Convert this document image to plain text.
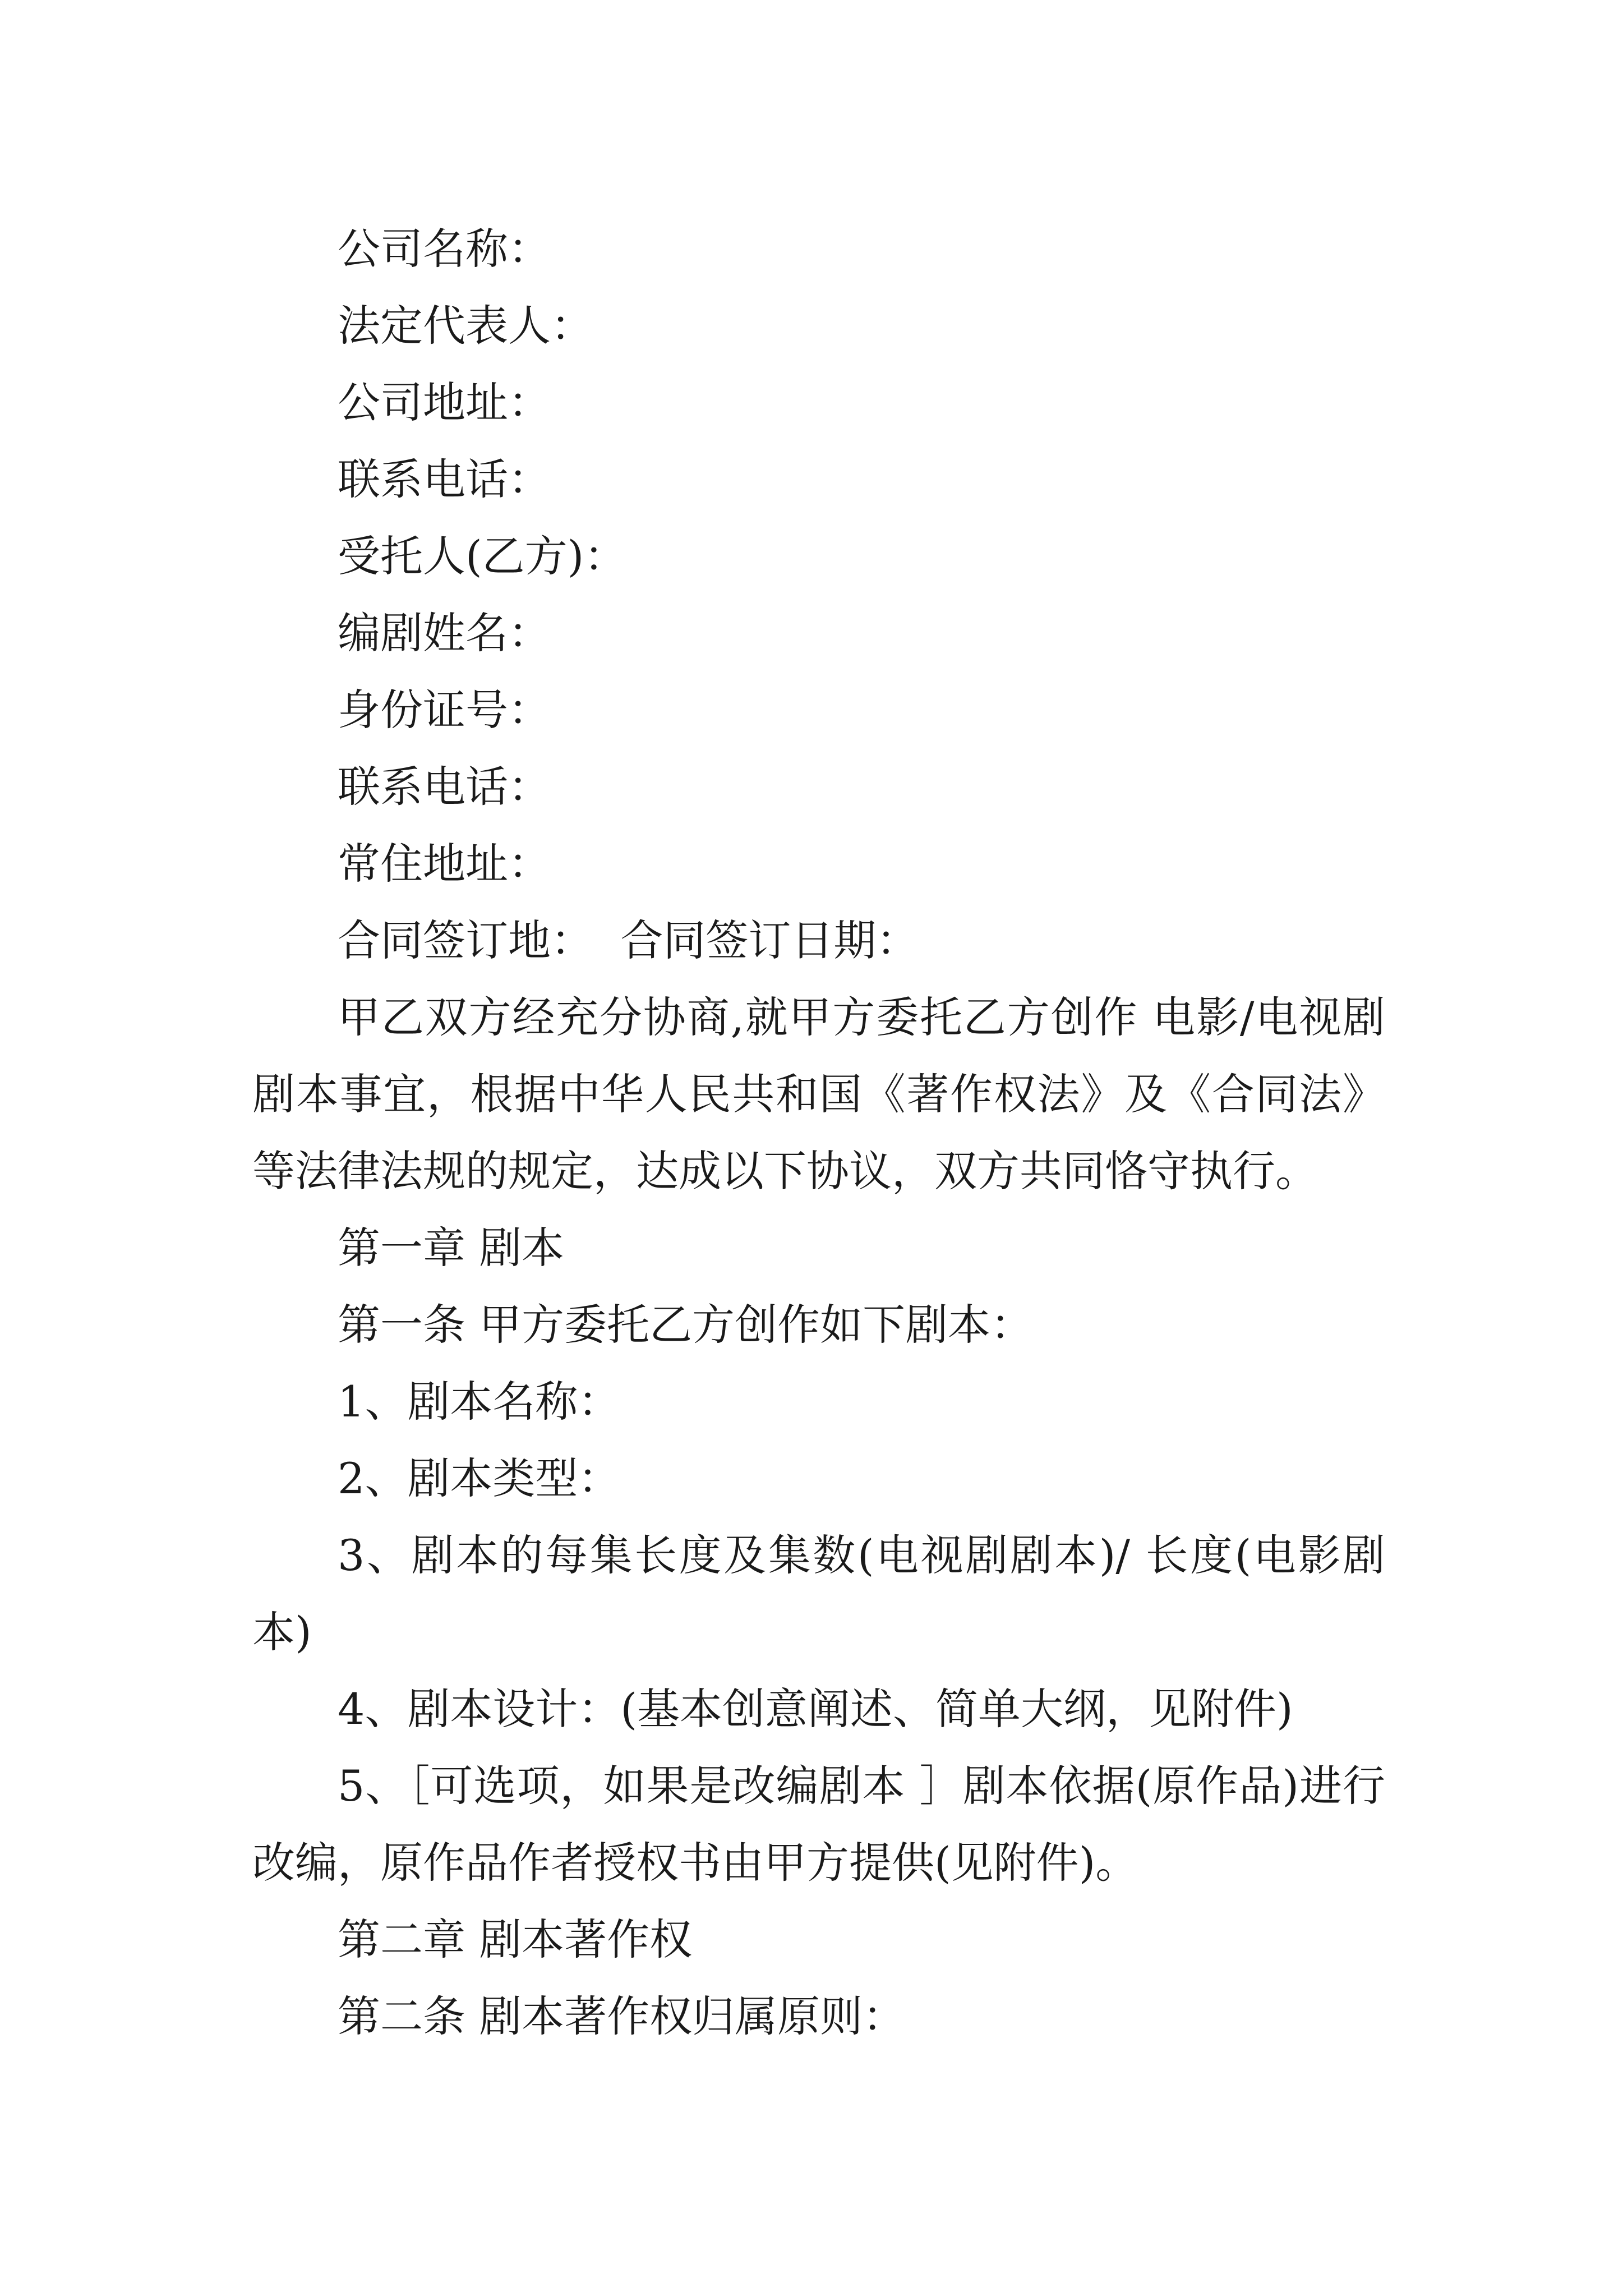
公司名称：

法定代表人：

公司地址：

联系电话：

受托人(乙方)：

编剧姓名：

身份证号：

联系电话：

常住地址：

合同签订地：  合同签订日期：

甲乙双方经充分协商,就甲方委托乙方创作 电影/电视剧 剧本事宜，根据中华人民共和国《著作权法》及《合同法》等法律法规的规定，达成以下协议，双方共同恪守执行。

第一章 剧本

第一条 甲方委托乙方创作如下剧本：

1、剧本名称：

2、剧本类型：

3、剧本的每集长度及集数(电视剧剧本)/ 长度(电影剧本)

4、剧本设计：(基本创意阐述、简单大纲，见附件)

5、［可选项，如果是改编剧本 ］剧本依据(原作品)进行改编，原作品作者授权书由甲方提供(见附件)。

第二章 剧本著作权

第二条 剧本著作权归属原则：
